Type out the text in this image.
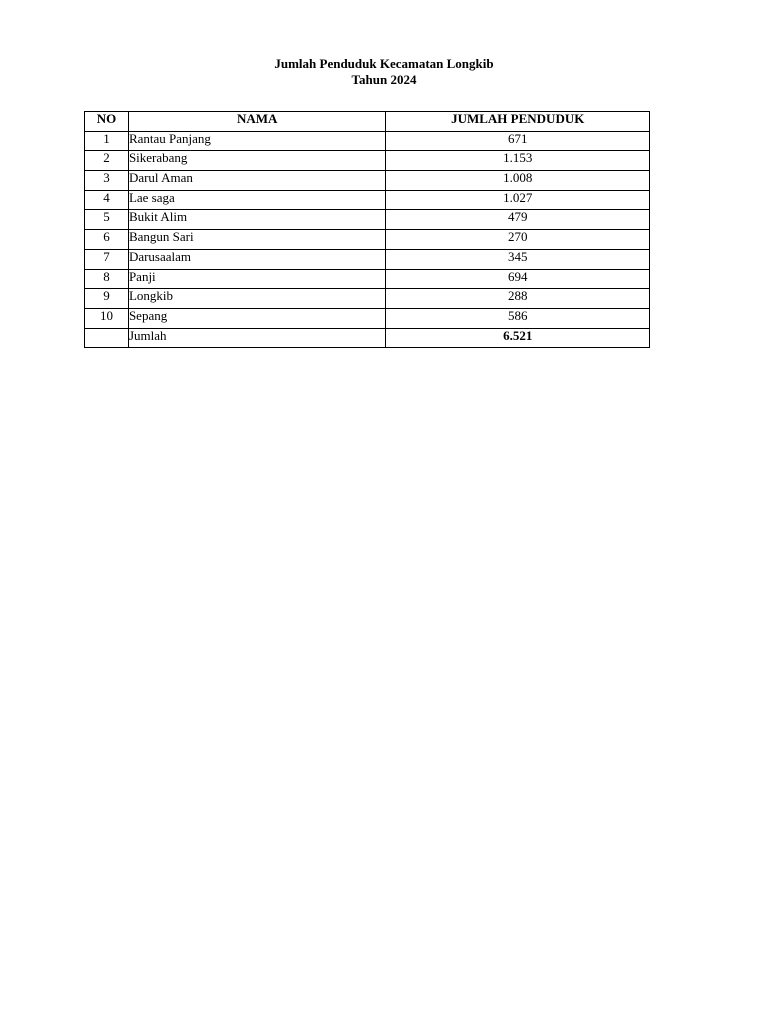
Jumlah Penduduk Kecamatan Longkib
Tahun 2024
NO	NAMA	JUMLAH PENDUDUK
1	Rantau Panjang	671
2	Sikerabang	1.153
3	Darul Aman	1.008
4	Lae saga	1.027
5	Bukit Alim	479
6	Bangun Sari	270
7	Darusaalam	345
8	Panji	694
9	Longkib	288
10	Sepang	586
	Jumlah	6.521
